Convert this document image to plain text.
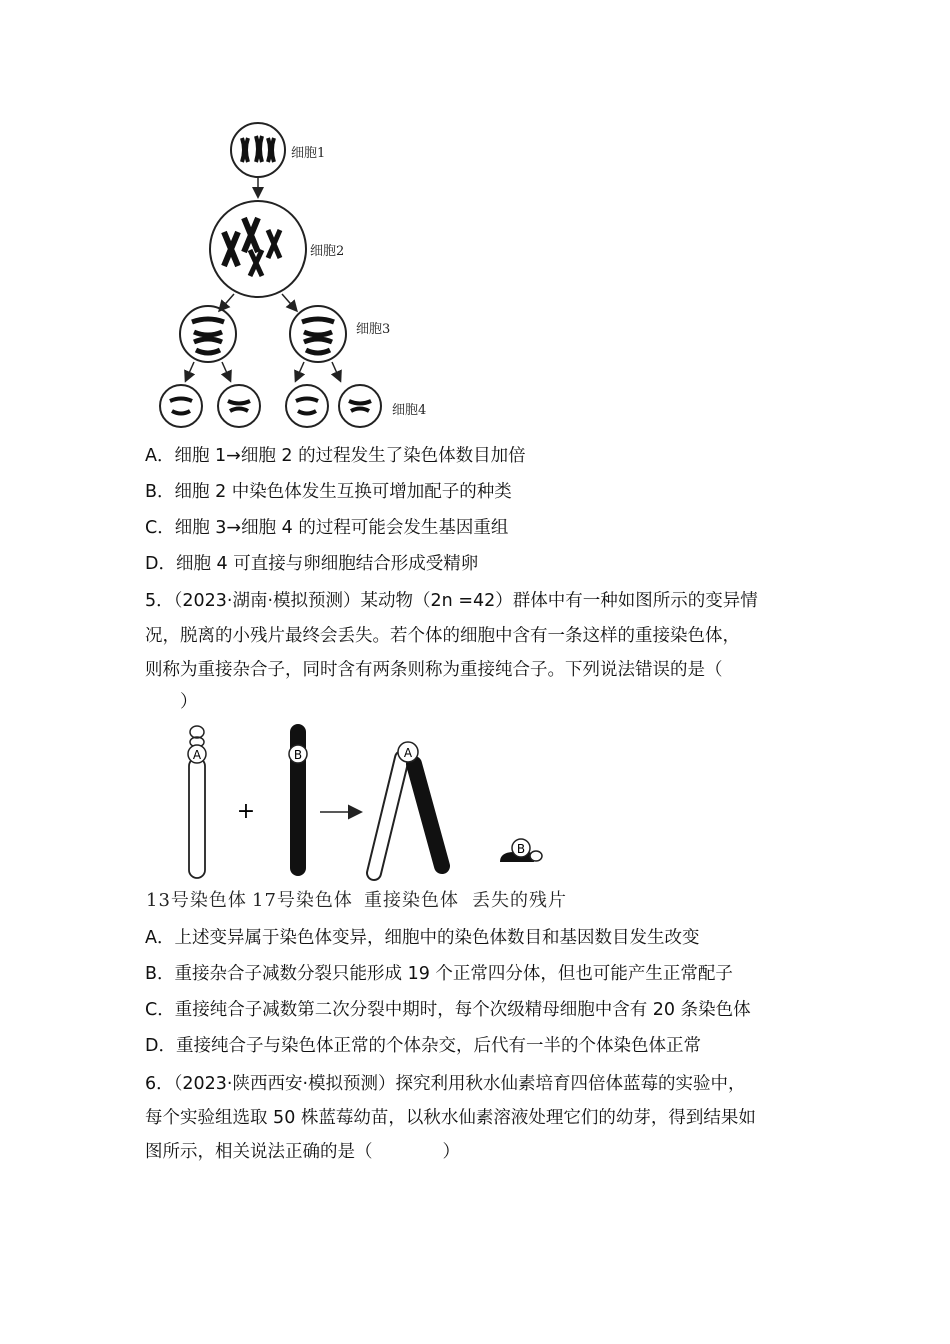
细胞1
细胞2
细胞3
细胞4
A．细胞 1→细胞 2 的过程发生了染色体数目加倍
B．细胞 2 中染色体发生互换可增加配子的种类
C．细胞 3→细胞 4 的过程可能会发生基因重组
D．细胞 4 可直接与卵细胞结合形成受精卵
5．（2023·湖南·模拟预测）某动物（2n =42）群体中有一种如图所示的变异情
况，脱离的小残片最终会丢失。若个体的细胞中含有一条这样的重接染色体，
则称为重接杂合子，同时含有两条则称为重接纯合子。下列说法错误的是（
）
A
+
B	A
B
13号染色体 17号染色体 重接染色体 丢失的残片
A．上述变异属于染色体变异，细胞中的染色体数目和基因数目发生改变
B．重接杂合子减数分裂只能形成 19 个正常四分体，但也可能产生正常配子
C．重接纯合子减数第二次分裂中期时，每个次级精母细胞中含有 20 条染色体
D．重接纯合子与染色体正常的个体杂交，后代有一半的个体染色体正常
6．（2023·陕西西安·模拟预测）探究利用秋水仙素培育四倍体蓝莓的实验中，
每个实验组选取 50 株蓝莓幼苗，以秋水仙素溶液处理它们的幼芽，得到结果如
图所示，相关说法正确的是（　　　　）
